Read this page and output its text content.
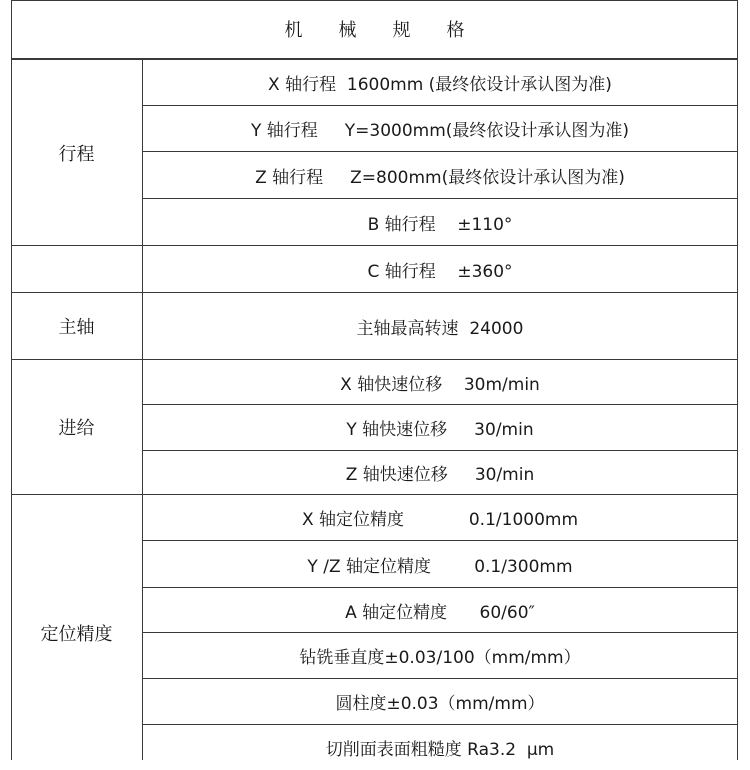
机　　械　　规　　格
行程
主轴
进给
定位精度
X 轴行程  1600mm (最终依设计承认图为准)
Y 轴行程     Y=3000mm(最终依设计承认图为准)
Z 轴行程     Z=800mm(最终依设计承认图为准)
B 轴行程    ±110°
C 轴行程    ±360°
主轴最高转速  24000
X 轴快速位移    30m/min
Y 轴快速位移     30/min
Z 轴快速位移     30/min
X 轴定位精度            0.1/1000mm
Y /Z 轴定位精度        0.1/300mm
A 轴定位精度      60/60″
钻铣垂直度±0.03/100（mm/mm）
圆柱度±0.03（mm/mm）
切削面表面粗糙度 Ra3.2  μm
